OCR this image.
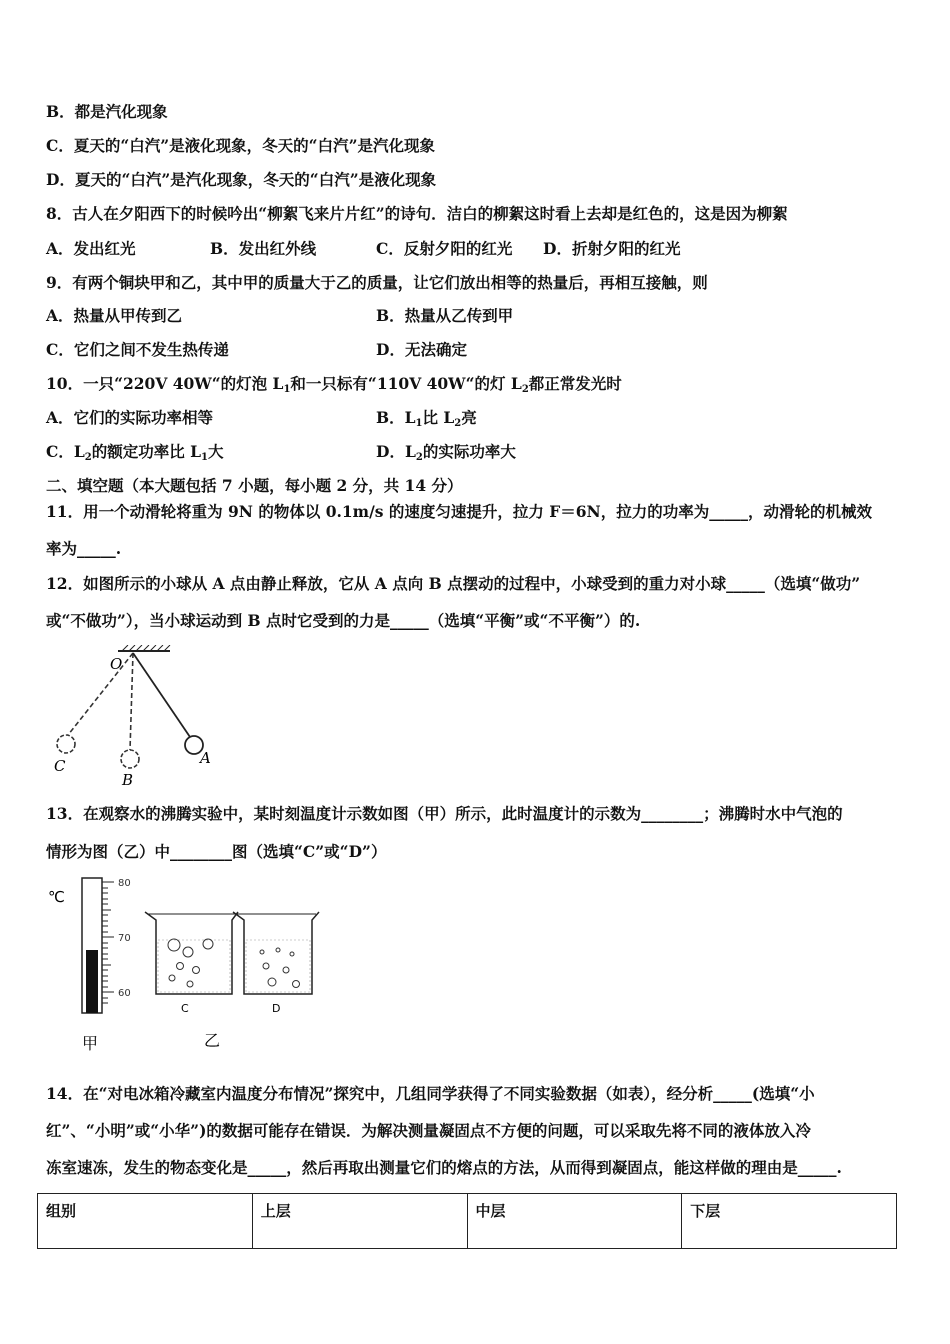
B．都是汽化现象
C．夏天的“白汽”是液化现象，冬天的“白汽”是汽化现象
D．夏天的“白汽”是汽化现象，冬天的“白汽”是液化现象
8．古人在夕阳西下的时候吟出“柳絮飞来片片红”的诗句．洁白的柳絮这时看上去却是红色的，这是因为柳絮
A．发出红光	B．发出红外线	C．反射夕阳的红光 D．折射夕阳的红光
9．有两个铜块甲和乙，其中甲的质量大于乙的质量，让它们放出相等的热量后，再相互接触，则
A．热量从甲传到乙	B．热量从乙传到甲
C．它们之间不发生热传递	D．无法确定
10．一只“220V 40W“的灯泡 $L_1$和一只标有“110V 40W“的灯 $L_2$都正常发光时
A．它们的实际功率相等	B．$L_1$比 $L_2$亮
C．$L_2$的额定功率比 $L_1$大	D．$L_2$的实际功率大
二、填空题（本大题包括 7 小题，每小题 2 分，共 14 分）
11．用一个动滑轮将重为 9N 的物体以 0.1m/s 的速度匀速提升，拉力 F＝6N，拉力的功率为_____，动滑轮的机械效
率为_____.
12．如图所示的小球从 A 点由静止释放，它从 A 点向 B 点摆动的过程中，小球受到的重力对小球_____（选填“做功”
或“不做功”），当小球运动到 B 点时它受到的力是_____（选填“平衡”或“不平衡”）的.
O
C
B
A
13．在观察水的沸腾实验中，某时刻温度计示数如图（甲）所示，此时温度计的示数为________；沸腾时水中气泡的
情形为图（乙）中________图（选填“C”或“D”）
℃
80
70
60
C	D
甲	乙
14．在“对电冰箱冷藏室内温度分布情况”探究中，几组同学获得了不同实验数据（如表），经分析_____(选填“小
红”、“小明”或“小华”)的数据可能存在错误．为解决测量凝固点不方便的问题，可以采取先将不同的液体放入冷
冻室速冻，发生的物态变化是_____，然后再取出测量它们的熔点的方法，从而得到凝固点，能这样做的理由是_____.
组别	上层	中层	下层
